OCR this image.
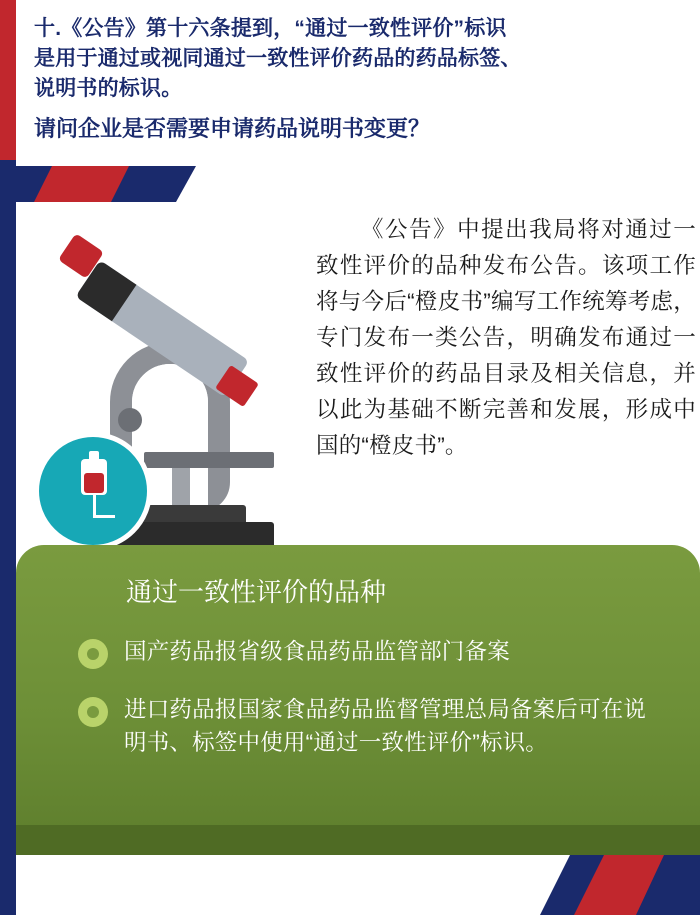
十.《公告》第十六条提到，“通过一致性评价”标识
是用于通过或视同通过一致性评价药品的药品标签、
说明书的标识。
请问企业是否需要申请药品说明书变更？
《公告》中提出我局将对通过一致性评价的品种发布公告。该项工作将与今后“橙皮书”编写工作统筹考虑，专门发布一类公告，明确发布通过一致性评价的药品目录及相关信息，并以此为基础不断完善和发展，形成中国的“橙皮书”。
通过一致性评价的品种
国产药品报省级食品药品监管部门备案
进口药品报国家食品药品监督管理总局备案后可在说明书、标签中使用“通过一致性评价”标识。
